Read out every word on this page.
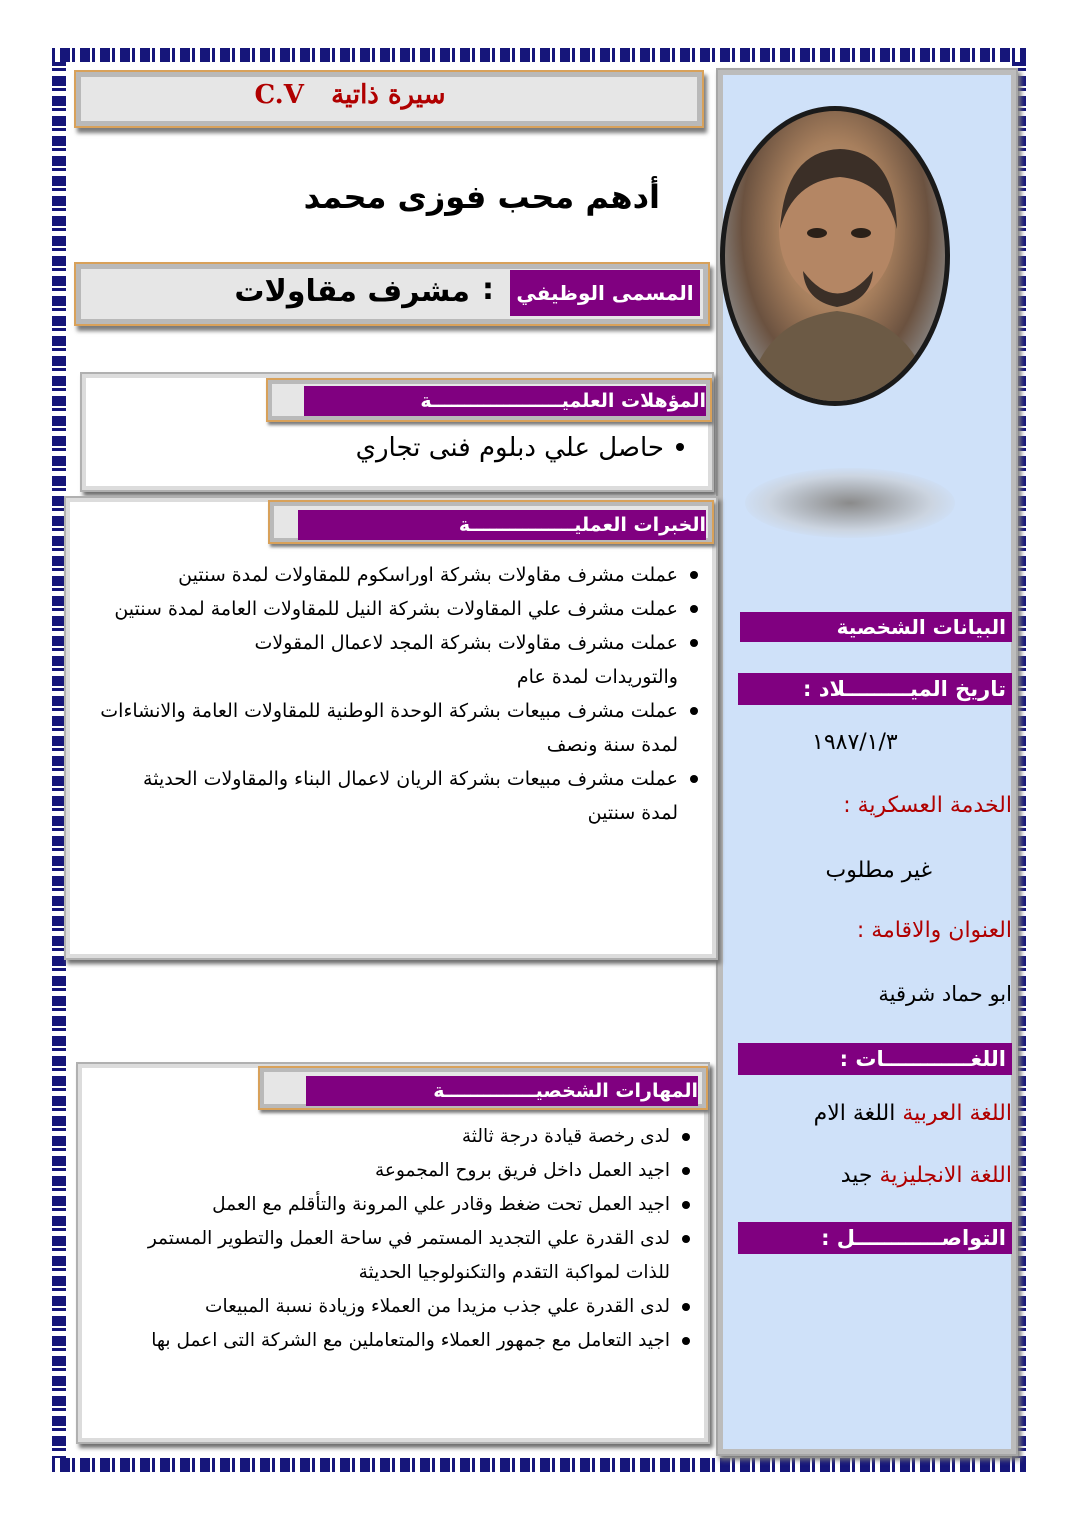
البيانات الشخصية
تاريخ الميـــــــــلاد :
١٩٨٧/١/٣
الخدمة العسكرية :
غير مطلوب
العنوان والاقامة :
ابو حماد شرقية
اللغــــــــــــات :
اللغة العربية اللغة الام
اللغة الانجليزية جيد
التواصــــــــــــل :
سيرة ذاتية   C.V
أدهم محب فوزى محمد
المسمى الوظيفي
:
مشرف مقاولات
المؤهلات العلميــــــــــــــــــــة
حاصل علي دبلوم فنى تجاري
الخبرات العمليــــــــــــــــة
عملت مشرف مقاولات بشركة اوراسكوم للمقاولات لمدة سنتين
عملت مشرف علي المقاولات بشركة النيل للمقاولات العامة لمدة سنتين
عملت مشرف مقاولات بشركة المجد لاعمال المقولات والتوريدات لمدة عام
عملت مشرف مبيعات بشركة الوحدة الوطنية للمقاولات العامة والانشاءات لمدة سنة ونصف
عملت مشرف مبيعات بشركة الريان لاعمال البناء والمقاولات الحديثة لمدة سنتين
المهارات الشخصيــــــــــــــة
لدى رخصة قيادة درجة ثالثة
اجيد العمل داخل فريق بروح المجموعة
اجيد العمل تحت ضغط وقادر علي المرونة والتأقلم مع العمل
لدى القدرة علي التجديد المستمر في ساحة العمل والتطوير المستمر للذات لمواكبة التقدم والتكنولوجيا الحديثة
لدى القدرة علي جذب مزيدا من العملاء وزيادة نسبة المبيعات
اجيد التعامل مع جمهور العملاء والمتعاملين مع الشركة التى اعمل بها
